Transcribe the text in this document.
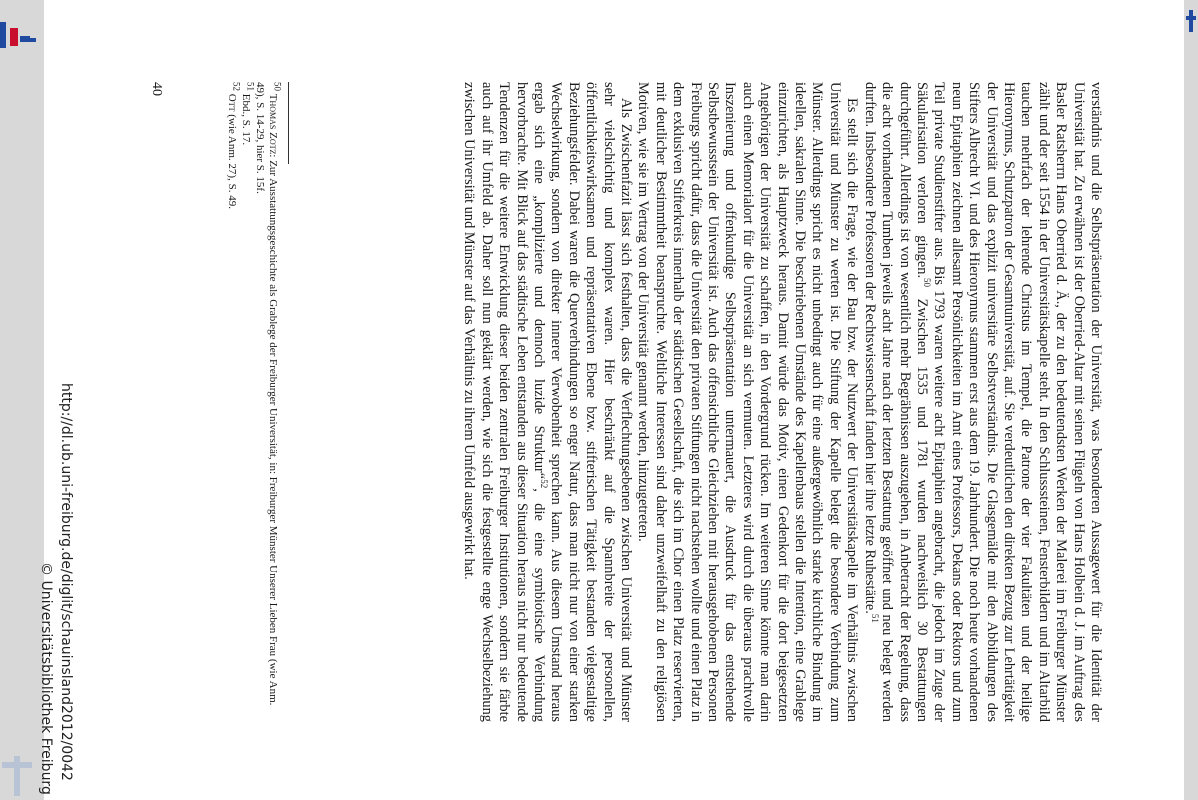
verständnis und die Selbstpräsentation der Universität, was besonderen Aussagewert für die Identität der Universität hat. Zu erwähnen ist der Oberried-Altar mit seinen Flügeln von Hans Holbein d. J. im Auftrag des Basler Ratsherrn Hans Oberried d. Ä., der zu den bedeutendsten Werken der Malerei im Freiburger Münster zählt und der seit 1554 in der Universitätskapelle steht. In den Schlusssteinen, Fensterbildern und im Altarbild tauchen mehrfach der lehrende Christus im Tempel, die Patrone der vier Fakultäten und der heilige Hieronymus, Schutzpatron der Gesamtuniversität, auf. Sie verdeutlichen den direkten Bezug zur Lehrtätigkeit der Universität und das explizit universitäre Selbstverständnis. Die Glasgemälde mit den Abbildungen des Stifters Albrecht VI. und des Hieronymus stammen erst aus dem 19. Jahrhundert. Die noch heute vorhandenen neun Epitaphien zeichnen allesamt Persönlichkeiten im Amt eines Professors, Dekans oder Rektors und zum Teil private Studienstifter aus. Bis 1793 waren weitere acht Epitaphien angebracht, die jedoch im Zuge der Säkularisation verloren gingen.$^{50}$ Zwischen 1535 und 1781 wurden nachweislich 30 Bestattungen durchgeführt. Allerdings ist von wesentlich mehr Begräbnissen auszugehen, in Anbetracht der Regelung, dass die acht vorhandenen Tumben jeweils acht Jahre nach der letzten Bestattung geöffnet und neu belegt werden durften. Insbesondere Professoren der Rechtswissenschaft fanden hier ihre letzte Ruhestätte.$^{51}$

Es stellt sich die Frage, wie der Bau bzw. der Nutzwert der Universitätskapelle im Verhältnis zwischen Universität und Münster zu werten ist. Die Stiftung der Kapelle belegt die besondere Verbindung zum Münster. Allerdings spricht es nicht unbedingt auch für eine außergewöhnlich starke kirchliche Bindung im ideellen, sakralen Sinne. Die beschriebenen Umstände des Kapellenbaus stellen die Intention, eine Grablege einzurichten, als Hauptzweck heraus. Damit würde das Motiv, einen Gedenkort für die dort beigesetzten Angehörigen der Universität zu schaffen, in den Vordergrund rücken. Im weiteren Sinne könnte man darin auch einen Memorialort für die Universität an sich vermuten. Letzteres wird durch die überaus prachtvolle Inszenierung und offenkundige Selbstpräsentation untermauert, die Ausdruck für das entstehende Selbstbewusstsein der Universität ist. Auch das offensichtliche Gleichziehen mit herausgehobenen Personen Freiburgs spricht dafür, dass die Universität den privaten Stiftungen nicht nachstehen wollte und einen Platz in dem exklusiven Stifterkreis innerhalb der städtischen Gesellschaft, die sich im Chor einen Platz reservierten, mit deutlicher Bestimmtheit beanspruchte. Weltliche Interessen sind daher unzweifelhaft zu den religiösen Motiven, wie sie im Vertrag von der Universität genannt werden, hinzugetreten.

Als Zwischenfazit lässt sich festhalten, dass die Verflechtungsebenen zwischen Universität und Münster sehr vielschichtig und komplex waren. Hier beschränkt auf die Spannbreite der personellen, öffentlichkeitswirksamen und repräsentativen Ebene bzw. stifterischen Tätigkeit bestanden vielgestaltige Beziehungsfelder. Dabei waren die Querverbindungen so enger Natur, dass man nicht nur von einer starken Wechselwirkung, sondern von direkter innerer Verwobenheit sprechen kann. Aus diesem Umstand heraus ergab sich eine „komplizierte und dennoch luzide Struktur“$^{52}$, die eine symbiotische Verbindung hervorbrachte. Mit Blick auf das städtische Leben entstanden aus dieser Situation heraus nicht nur bedeutende Tendenzen für die weitere Entwicklung dieser beiden zentralen Freiburger Institutionen, sondern sie färbte auch auf ihr Umfeld ab. Daher soll nun geklärt werden, wie sich die festgestellte enge Wechselbeziehung zwischen Universität und Münster auf das Verhältnis zu ihrem Umfeld ausgewirkt hat.

$^{50}$ Thomas Zotz: Zur Ausstattungsgeschichte als Grablege der Freiburger Universität, in: Freiburger Münster Unserer Lieben Frau (wie Anm. 49), S. 14-29, hier S. 15f.

$^{51}$ Ebd., S. 17.

$^{52}$ Ott (wie Anm. 27), S. 49.

40
http://dl.ub.uni-freiburg.de/diglit/schauinsland2012/0042
© Universitätsbibliothek Freiburg
